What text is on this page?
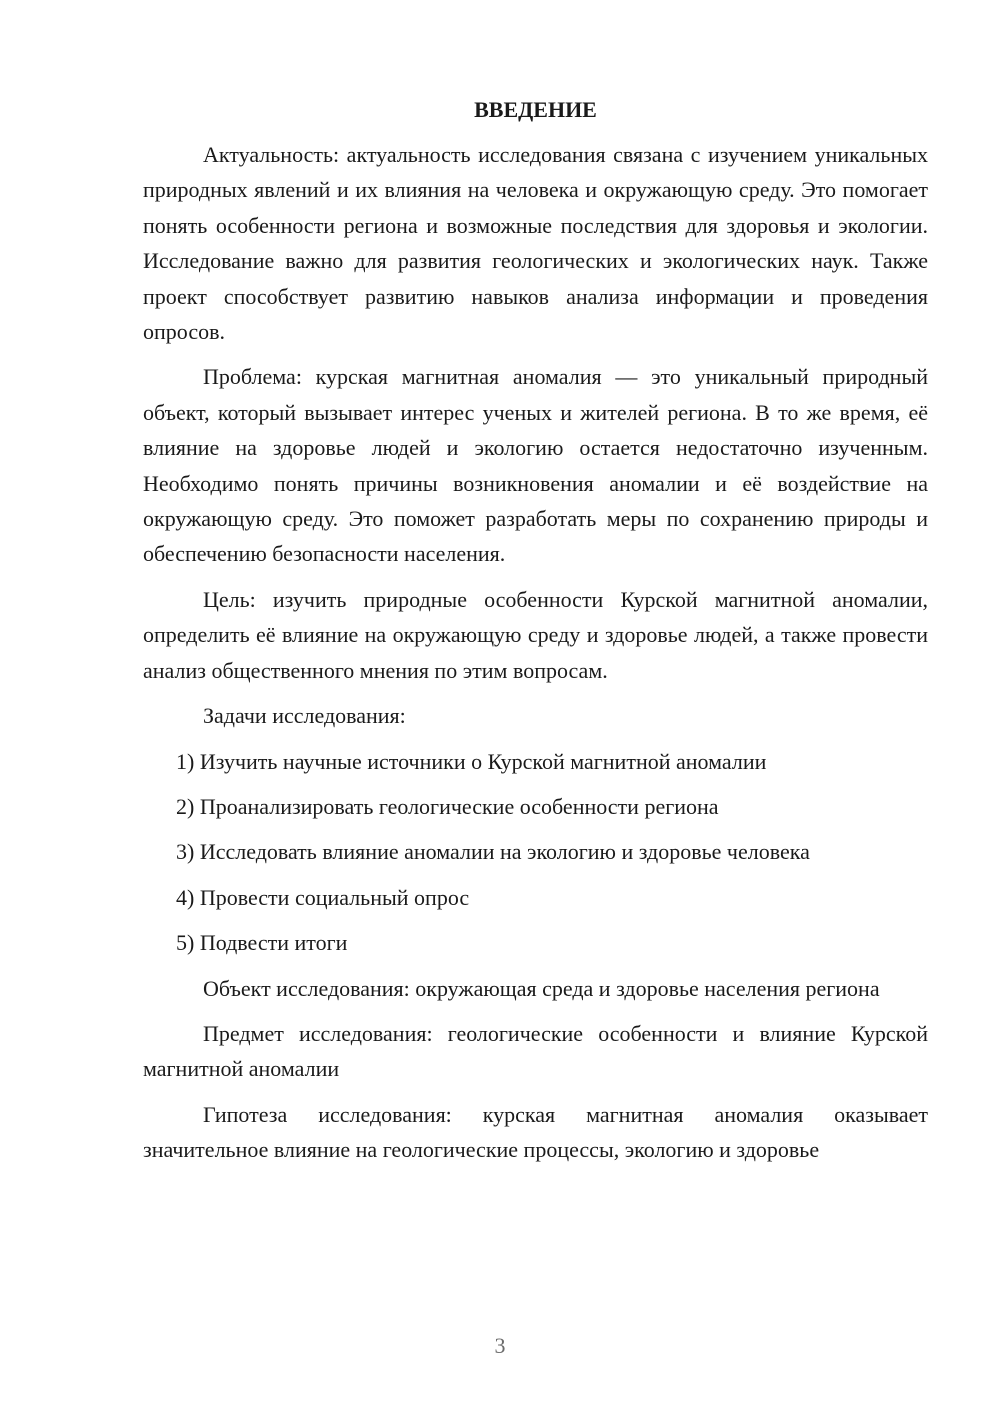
ВВЕДЕНИЕ

Актуальность: актуальность исследования связана с изучением уникальных природных явлений и их влияния на человека и окружающую среду. Это помогает понять особенности региона и возможные последствия для здоровья и экологии. Исследование важно для развития геологических и экологических наук. Также проект способствует развитию навыков анализа информации и проведения опросов.

Проблема: курская магнитная аномалия — это уникальный природный объект, который вызывает интерес ученых и жителей региона. В то же время, её влияние на здоровье людей и экологию остается недостаточно изученным. Необходимо понять причины возникновения аномалии и её воздействие на окружающую среду. Это поможет разработать меры по сохранению природы и обеспечению безопасности населения.

Цель: изучить природные особенности Курской магнитной аномалии, определить её влияние на окружающую среду и здоровье людей, а также провести анализ общественного мнения по этим вопросам.

Задачи исследования:

1) Изучить научные источники о Курской магнитной аномалии

2) Проанализировать геологические особенности региона

3) Исследовать влияние аномалии на экологию и здоровье человека

4) Провести социальный опрос

5) Подвести итоги

Объект исследования: окружающая среда и здоровье населения региона

Предмет исследования: геологические особенности и влияние Курской магнитной аномалии

Гипотеза исследования: курская магнитная аномалия оказывает значительное влияние на геологические процессы, экологию и здоровье

3
